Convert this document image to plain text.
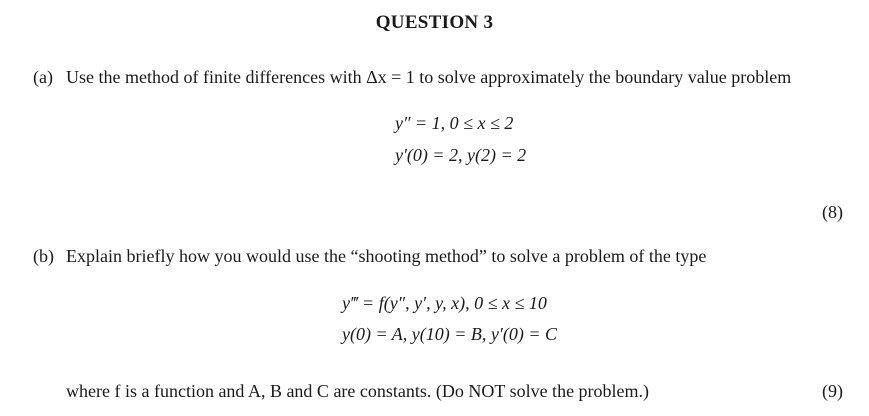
QUESTION 3
(a) Use the method of finite differences with Δx = 1 to solve approximately the boundary value problem
y″ = 1, 0 ≤ x ≤ 2
y′(0) = 2, y(2) = 2
(8)
(b) Explain briefly how you would use the “shooting method” to solve a problem of the type
y‴ = f(y″, y′, y, x), 0 ≤ x ≤ 10
y(0) = A, y(10) = B, y′(0) = C
where f is a function and A, B and C are constants. (Do NOT solve the problem.)	(9)
